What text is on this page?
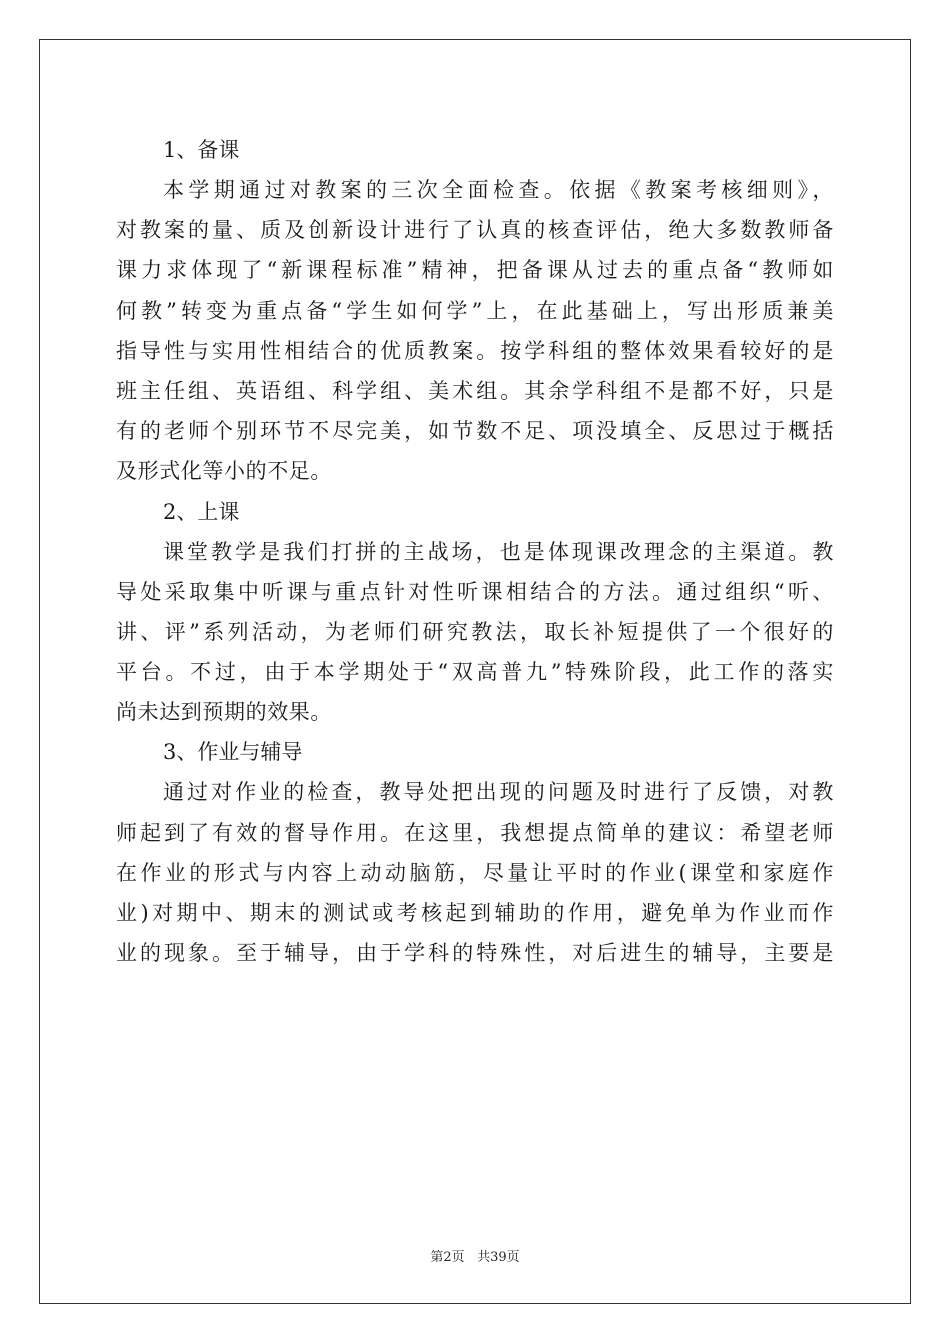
1、备课

本学期通过对教案的三次全面检查。依据《教案考核细则》，
对教案的量、质及创新设计进行了认真的核查评估，绝大多数教师备
课力求体现了“新课程标准”精神，把备课从过去的重点备“教师如
何教”转变为重点备“学生如何学”上，在此基础上，写出形质兼美
指导性与实用性相结合的优质教案。按学科组的整体效果看较好的是
班主任组、英语组、科学组、美术组。其余学科组不是都不好，只是
有的老师个别环节不尽完美，如节数不足、项没填全、反思过于概括
及形式化等小的不足。

2、上课

课堂教学是我们打拼的主战场，也是体现课改理念的主渠道。教
导处采取集中听课与重点针对性听课相结合的方法。通过组织“听、
讲、评”系列活动，为老师们研究教法，取长补短提供了一个很好的
平台。不过，由于本学期处于“双高普九”特殊阶段，此工作的落实
尚未达到预期的效果。

3、作业与辅导

通过对作业的检查，教导处把出现的问题及时进行了反馈，对教
师起到了有效的督导作用。在这里，我想提点简单的建议：希望老师
在作业的形式与内容上动动脑筋，尽量让平时的作业(课堂和家庭作
业)对期中、期末的测试或考核起到辅助的作用，避免单为作业而作
业的现象。至于辅导，由于学科的特殊性，对后进生的辅导，主要是
第2页 共39页
